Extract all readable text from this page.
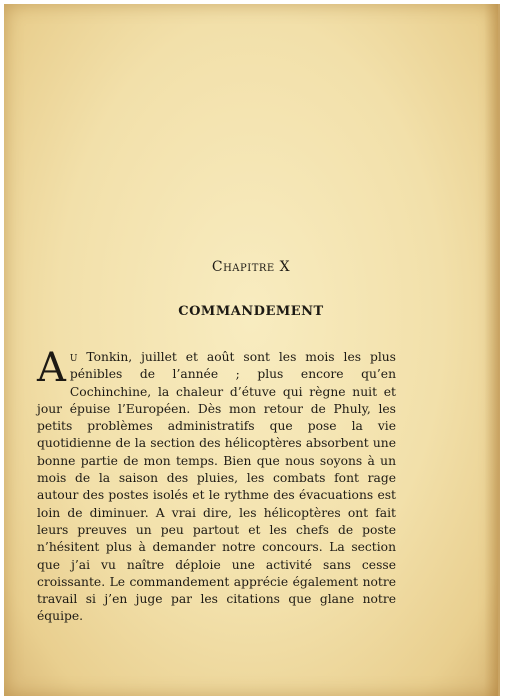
Chapitre X
COMMANDEMENT

Au Tonkin, juillet et août sont les mois les plus pénibles de l’année ; plus encore qu’en Cochinchine, la chaleur d’étuve qui règne nuit et jour épuise l’Européen. Dès mon retour de Phuly, les petits problèmes administratifs que pose la vie quotidienne de la section des hélicoptères absorbent une bonne partie de mon temps. Bien que nous soyons à un mois de la saison des pluies, les combats font rage autour des postes isolés et le rythme des évacuations est loin de diminuer. A vrai dire, les hélicoptères ont fait leurs preuves un peu partout et les chefs de poste n’hésitent plus à demander notre concours. La section que j’ai vu naître déploie une activité sans cesse croissante. Le commandement apprécie également notre travail si j’en juge par les citations que glane notre équipe.
